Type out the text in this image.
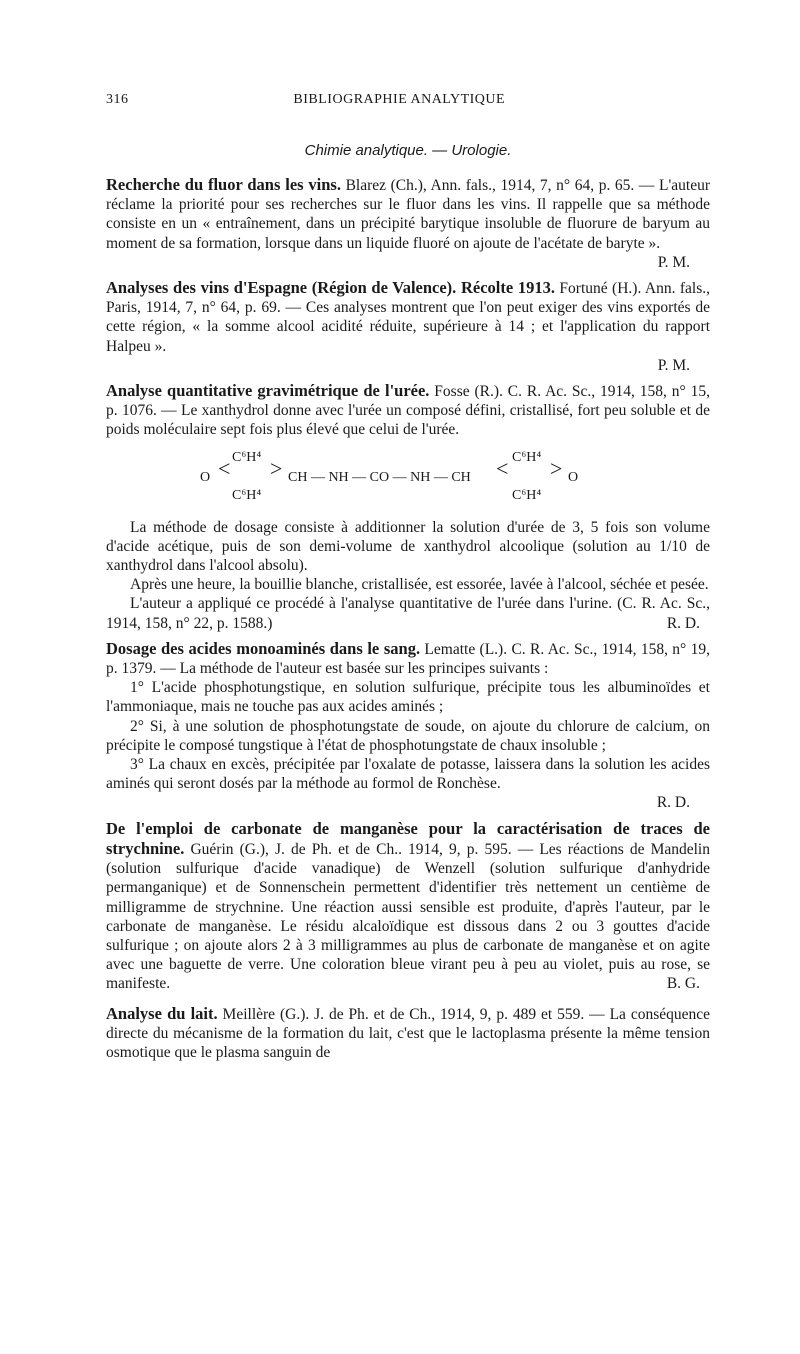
316	BIBLIOGRAPHIE ANALYTIQUE
Chimie analytique. — Urologie.

Recherche du fluor dans les vins. Blarez (Ch.), Ann. fals., 1914, 7, n° 64, p. 65. — L'auteur réclame la priorité pour ses recherches sur le fluor dans les vins. Il rappelle que sa méthode consiste en un « entraînement, dans un précipité barytique insoluble de fluorure de baryum au moment de sa formation, lorsque dans un liquide fluoré on ajoute de l'acétate de baryte ».

P. M.

Analyses des vins d'Espagne (Région de Valence). Récolte 1913. Fortuné (H.). Ann. fals., Paris, 1914, 7, n° 64, p. 69. — Ces analyses montrent que l'on peut exiger des vins exportés de cette région, « la somme alcool acidité réduite, supérieure à 14 ; et l'application du rapport Halpeu ».

P. M.

Analyse quantitative gravimétrique de l'urée. Fosse (R.). C. R. Ac. Sc., 1914, 158, n° 15, p. 1076. — Le xanthydrol donne avec l'urée un composé défini, cristallisé, fort peu soluble et de poids moléculaire sept fois plus élevé que celui de l'urée.

O < C⁶H⁴
C⁶H⁴
> CH — NH — CO — NH — CH < C⁶H⁴
C⁶H⁴
> O

La méthode de dosage consiste à additionner la solution d'urée de 3, 5 fois son volume d'acide acétique, puis de son demi-volume de xanthydrol alcoolique (solution au 1/10 de xanthydrol dans l'alcool absolu).

Après une heure, la bouillie blanche, cristallisée, est essorée, lavée à l'alcool, séchée et pesée.

L'auteur a appliqué ce procédé à l'analyse quantitative de l'urée dans l'urine. (C. R. Ac. Sc., 1914, 158, n° 22, p. 1588.)	R. D.

Dosage des acides monoaminés dans le sang. Lematte (L.). C. R. Ac. Sc., 1914, 158, n° 19, p. 1379. — La méthode de l'auteur est basée sur les principes suivants :

1° L'acide phosphotungstique, en solution sulfurique, précipite tous les albuminoïdes et l'ammoniaque, mais ne touche pas aux acides aminés ;

2° Si, à une solution de phosphotungstate de soude, on ajoute du chlorure de calcium, on précipite le composé tungstique à l'état de phosphotungstate de chaux insoluble ;

3° La chaux en excès, précipitée par l'oxalate de potasse, laissera dans la solution les acides aminés qui seront dosés par la méthode au formol de Ronchèse.

R. D.

De l'emploi de carbonate de manganèse pour la caractérisation de traces de strychnine. Guérin (G.), J. de Ph. et de Ch.. 1914, 9, p. 595. — Les réactions de Mandelin (solution sulfurique d'acide vanadique) de Wenzell (solution sulfurique d'anhydride permanganique) et de Sonnenschein permettent d'identifier très nettement un centième de milligramme de strychnine. Une réaction aussi sensible est produite, d'après l'auteur, par le carbonate de manganèse. Le résidu alcaloïdique est dissous dans 2 ou 3 gouttes d'acide sulfurique ; on ajoute alors 2 à 3 milligrammes au plus de carbonate de manganèse et on agite avec une baguette de verre. Une coloration bleue virant peu à peu au violet, puis au rose, se manifeste.	B. G.

Analyse du lait. Meillère (G.). J. de Ph. et de Ch., 1914, 9, p. 489 et 559. — La conséquence directe du mécanisme de la formation du lait, c'est que le lactoplasma présente la même tension osmotique que le plasma sanguin de
